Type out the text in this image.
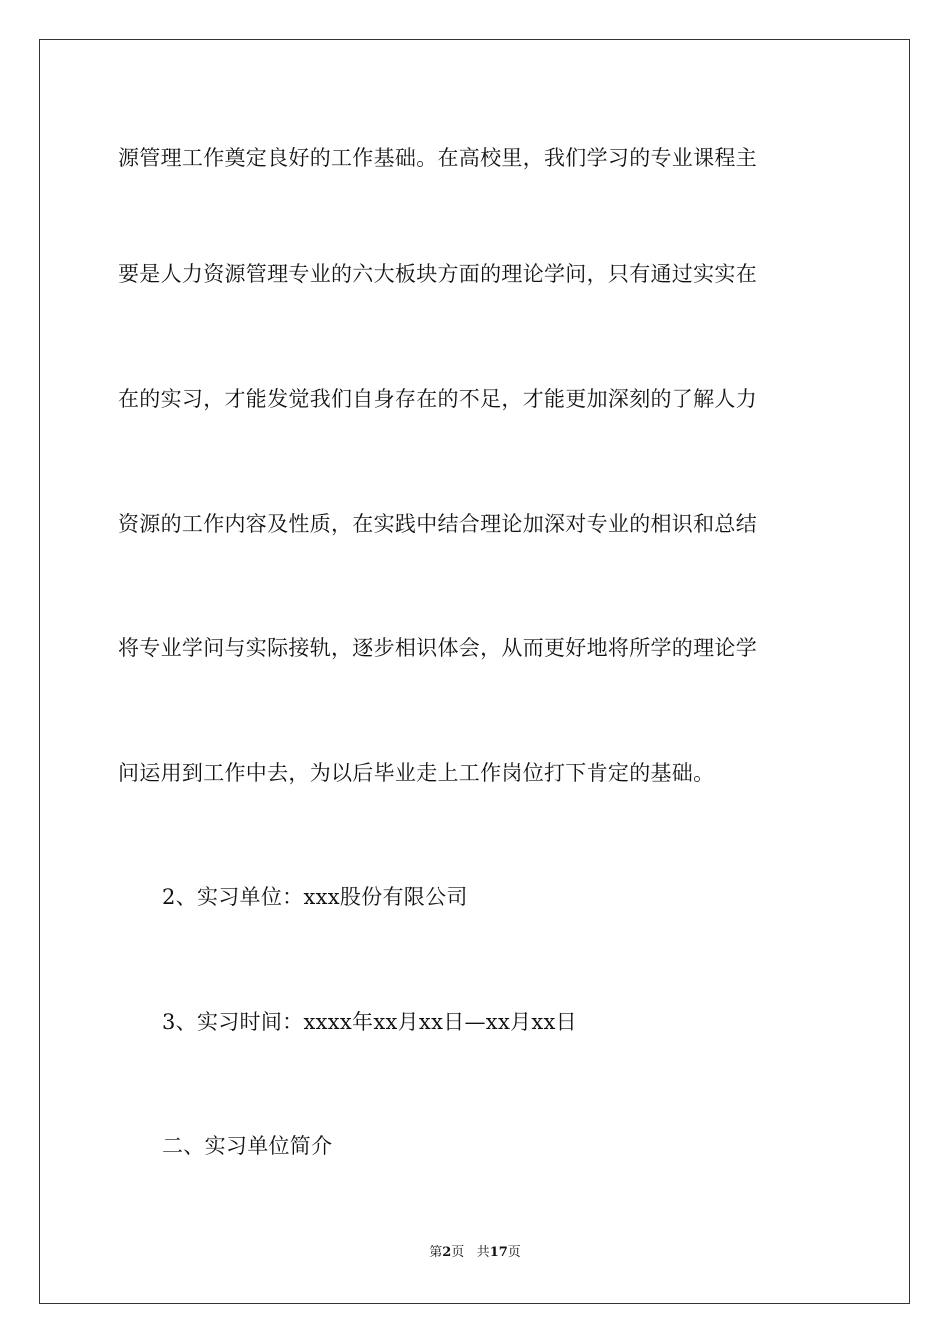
源管理工作奠定良好的工作基础。在高校里，我们学习的专业课程主
要是人力资源管理专业的六大板块方面的理论学问，只有通过实实在
在的实习，才能发觉我们自身存在的不足，才能更加深刻的了解人力
资源的工作内容及性质，在实践中结合理论加深对专业的相识和总结
将专业学问与实际接轨，逐步相识体会，从而更好地将所学的理论学
问运用到工作中去，为以后毕业走上工作岗位打下肯定的基础。
2、实习单位：xxx股份有限公司
3、实习时间：xxxx年xx月xx日—xx月xx日
二、实习单位简介
第2页 共17页
